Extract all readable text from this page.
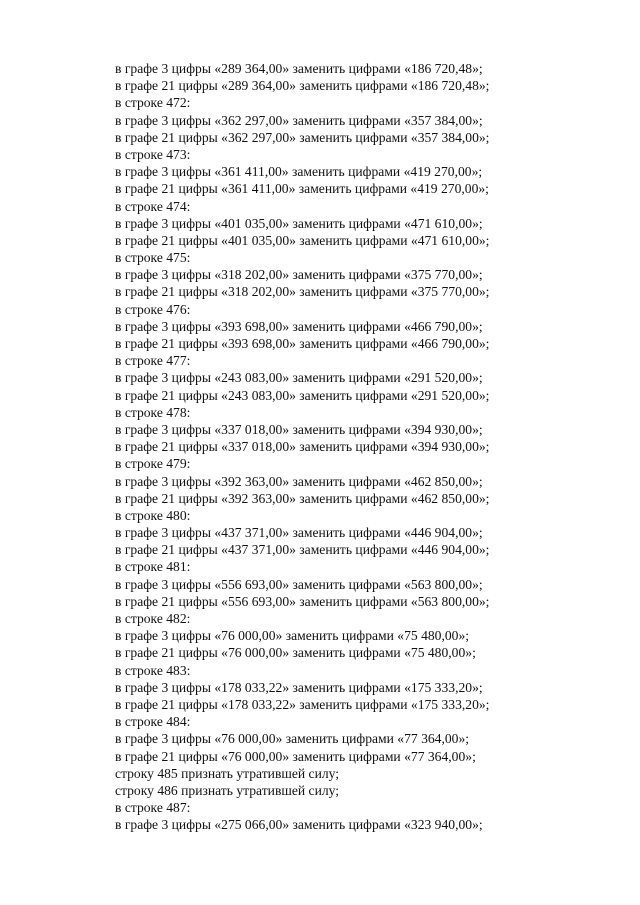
в графе 3 цифры «289 364,00» заменить цифрами «186 720,48»;
в графе 21 цифры «289 364,00» заменить цифрами «186 720,48»;
в строке 472:
в графе 3 цифры «362 297,00» заменить цифрами «357 384,00»;
в графе 21 цифры «362 297,00» заменить цифрами «357 384,00»;
в строке 473:
в графе 3 цифры «361 411,00» заменить цифрами «419 270,00»;
в графе 21 цифры «361 411,00» заменить цифрами «419 270,00»;
в строке 474:
в графе 3 цифры «401 035,00» заменить цифрами «471 610,00»;
в графе 21 цифры «401 035,00» заменить цифрами «471 610,00»;
в строке 475:
в графе 3 цифры «318 202,00» заменить цифрами «375 770,00»;
в графе 21 цифры «318 202,00» заменить цифрами «375 770,00»;
в строке 476:
в графе 3 цифры «393 698,00» заменить цифрами «466 790,00»;
в графе 21 цифры «393 698,00» заменить цифрами «466 790,00»;
в строке 477:
в графе 3 цифры «243 083,00» заменить цифрами «291 520,00»;
в графе 21 цифры «243 083,00» заменить цифрами «291 520,00»;
в строке 478:
в графе 3 цифры «337 018,00» заменить цифрами «394 930,00»;
в графе 21 цифры «337 018,00» заменить цифрами «394 930,00»;
в строке 479:
в графе 3 цифры «392 363,00» заменить цифрами «462 850,00»;
в графе 21 цифры «392 363,00» заменить цифрами «462 850,00»;
в строке 480:
в графе 3 цифры «437 371,00» заменить цифрами «446 904,00»;
в графе 21 цифры «437 371,00» заменить цифрами «446 904,00»;
в строке 481:
в графе 3 цифры «556 693,00» заменить цифрами «563 800,00»;
в графе 21 цифры «556 693,00» заменить цифрами «563 800,00»;
в строке 482:
в графе 3 цифры «76 000,00» заменить цифрами «75 480,00»;
в графе 21 цифры «76 000,00» заменить цифрами «75 480,00»;
в строке 483:
в графе 3 цифры «178 033,22» заменить цифрами «175 333,20»;
в графе 21 цифры «178 033,22» заменить цифрами «175 333,20»;
в строке 484:
в графе 3 цифры «76 000,00» заменить цифрами «77 364,00»;
в графе 21 цифры «76 000,00» заменить цифрами «77 364,00»;
строку 485 признать утратившей силу;
строку 486 признать утратившей силу;
в строке 487:
в графе 3 цифры «275 066,00» заменить цифрами «323 940,00»;
